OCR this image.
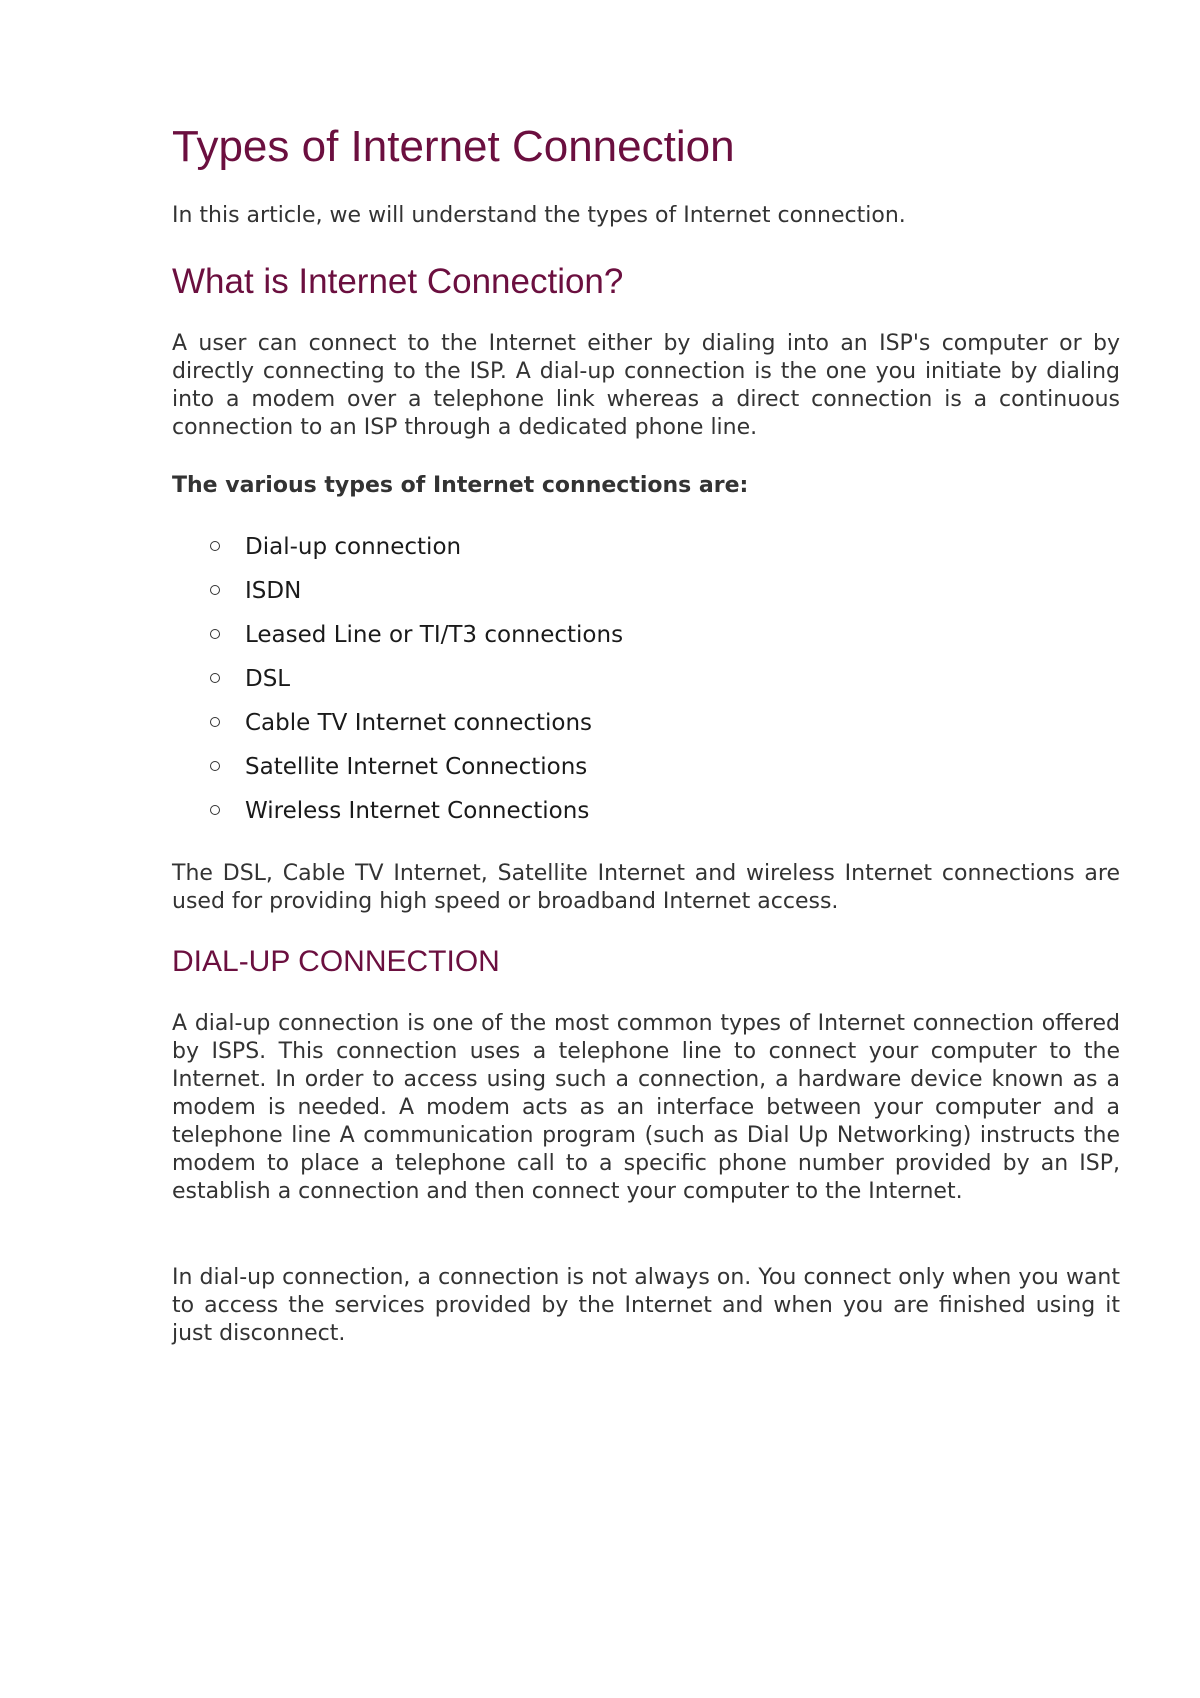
Types of Internet Connection

In this article, we will understand the types of Internet connection.

What is Internet Connection?

A user can connect to the Internet either by dialing into an ISP's computer or by directly connecting to the ISP. A dial-up connection is the one you initiate by dialing into a modem over a telephone link whereas a direct connection is a continuous connection to an ISP through a dedicated phone line.

The various types of Internet connections are:

Dial-up connection
ISDN
Leased Line or TI/T3 connections
DSL
Cable TV Internet connections
Satellite Internet Connections
Wireless Internet Connections

The DSL, Cable TV Internet, Satellite Internet and wireless Internet connections are used for providing high speed or broadband Internet access.

DIAL-UP CONNECTION

A dial-up connection is one of the most common types of Internet connection offered by ISPS. This connection uses a telephone line to connect your computer to the Internet. In order to access using such a connection, a hardware device known as a modem is needed. A modem acts as an interface between your computer and a telephone line A communication program (such as Dial Up Networking) instructs the modem to place a telephone call to a specific phone number provided by an ISP, establish a connection and then connect your computer to the Internet.

In dial-up connection, a connection is not always on. You connect only when you want to access the services provided by the Internet and when you are finished using it just disconnect.
